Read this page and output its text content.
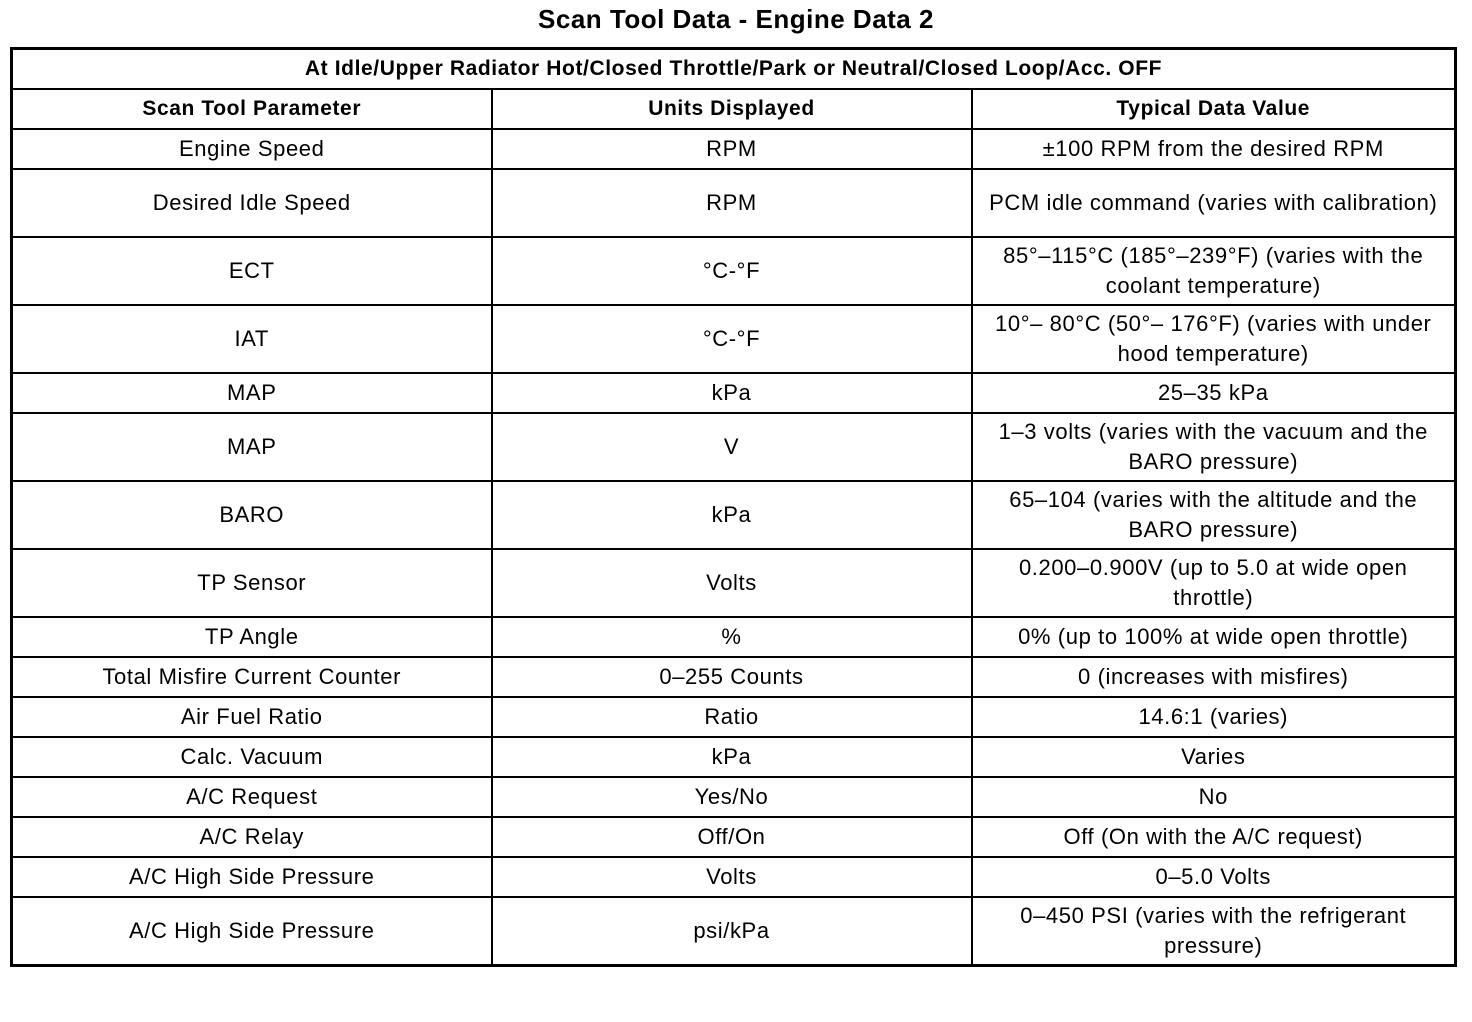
Scan Tool Data - Engine Data 2
At Idle/Upper Radiator Hot/Closed Throttle/Park or Neutral/Closed Loop/Acc. OFF		
Scan Tool Parameter	Units Displayed	Typical Data Value
Engine Speed	RPM	±100 RPM from the desired RPM
Desired Idle Speed	RPM	PCM idle command (varies with calibration)
ECT	°C-°F	85°–115°C (185°–239°F) (varies with the coolant temperature)
IAT	°C-°F	10°– 80°C (50°– 176°F) (varies with under hood temperature)
MAP	kPa	25–35 kPa
MAP	V	1–3 volts (varies with the vacuum and the BARO pressure)
BARO	kPa	65–104 (varies with the altitude and the BARO pressure)
TP Sensor	Volts	0.200–0.900V (up to 5.0 at wide open throttle)
TP Angle	%	0% (up to 100% at wide open throttle)
Total Misfire Current Counter	0–255 Counts	0 (increases with misfires)
Air Fuel Ratio	Ratio	14.6:1 (varies)
Calc. Vacuum	kPa	Varies
A/C Request	Yes/No	No
A/C Relay	Off/On	Off (On with the A/C request)
A/C High Side Pressure	Volts	0–5.0 Volts
A/C High Side Pressure	psi/kPa	0–450 PSI (varies with the refrigerant pressure)
